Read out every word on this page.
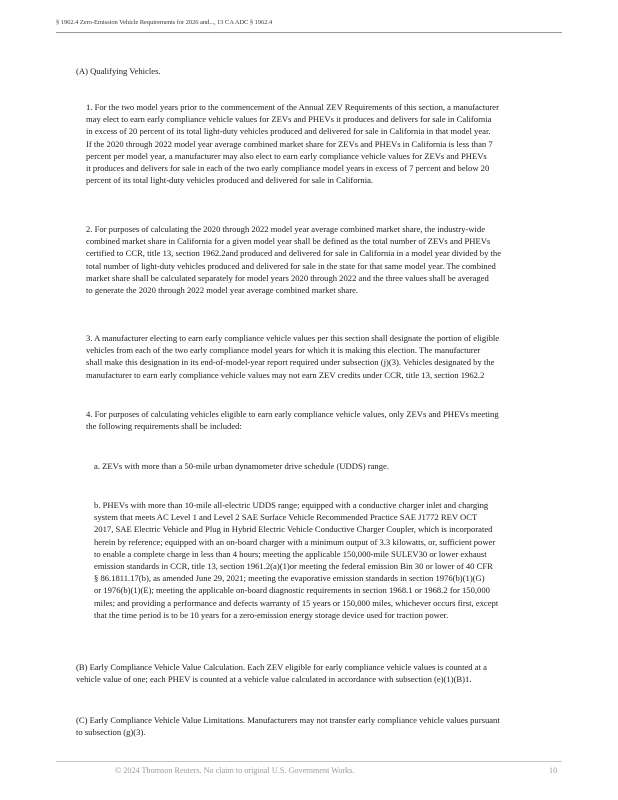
§ 1962.4 Zero-Emission Vehicle Requirements for 2026 and..., 13 CA ADC § 1962.4
(A) Qualifying Vehicles.
1. For the two model years prior to the commencement of the Annual ZEV Requirements of this section, a manufacturer
may elect to earn early compliance vehicle values for ZEVs and PHEVs it produces and delivers for sale in California
in excess of 20 percent of its total light-duty vehicles produced and delivered for sale in California in that model year.
If the 2020 through 2022 model year average combined market share for ZEVs and PHEVs in California is less than 7
percent per model year, a manufacturer may also elect to earn early compliance vehicle values for ZEVs and PHEVs
it produces and delivers for sale in each of the two early compliance model years in excess of 7 percent and below 20
percent of its total light-duty vehicles produced and delivered for sale in California.
2. For purposes of calculating the 2020 through 2022 model year average combined market share, the industry-wide
combined market share in California for a given model year shall be defined as the total number of ZEVs and PHEVs
certified to CCR, title 13, section 1962.2and produced and delivered for sale in California in a model year divided by the
total number of light-duty vehicles produced and delivered for sale in the state for that same model year. The combined
market share shall be calculated separately for model years 2020 through 2022 and the three values shall be averaged
to generate the 2020 through 2022 model year average combined market share.
3. A manufacturer electing to earn early compliance vehicle values per this section shall designate the portion of eligible
vehicles from each of the two early compliance model years for which it is making this election. The manufacturer
shall make this designation in its end-of-model-year report required under subsection (j)(3). Vehicles designated by the
manufacturer to earn early compliance vehicle values may not earn ZEV credits under CCR, title 13, section 1962.2
4. For purposes of calculating vehicles eligible to earn early compliance vehicle values, only ZEVs and PHEVs meeting
the following requirements shall be included:
a. ZEVs with more than a 50-mile urban dynamometer drive schedule (UDDS) range.
b. PHEVs with more than 10-mile all-electric UDDS range; equipped with a conductive charger inlet and charging
system that meets AC Level 1 and Level 2 SAE Surface Vehicle Recommended Practice SAE J1772 REV OCT
2017, SAE Electric Vehicle and Plug in Hybrid Electric Vehicle Conductive Charger Coupler, which is incorporated
herein by reference; equipped with an on-board charger with a minimum output of 3.3 kilowatts, or, sufficient power
to enable a complete charge in less than 4 hours; meeting the applicable 150,000-mile SULEV30 or lower exhaust
emission standards in CCR, title 13, section 1961.2(a)(1)or meeting the federal emission Bin 30 or lower of 40 CFR
§ 86.1811.17(b), as amended June 29, 2021; meeting the evaporative emission standards in section 1976(b)(1)(G)
or 1976(b)(1)(E); meeting the applicable on-board diagnostic requirements in section 1968.1 or 1968.2 for 150,000
miles; and providing a performance and defects warranty of 15 years or 150,000 miles, whichever occurs first, except
that the time period is to be 10 years for a zero-emission energy storage device used for traction power.
(B) Early Compliance Vehicle Value Calculation. Each ZEV eligible for early compliance vehicle values is counted at a
vehicle value of one; each PHEV is counted at a vehicle value calculated in accordance with subsection (e)(1)(B)1.
(C) Early Compliance Vehicle Value Limitations. Manufacturers may not transfer early compliance vehicle values pursuant
to subsection (g)(3).
© 2024 Thomson Reuters. No claim to original U.S. Government Works.	10
